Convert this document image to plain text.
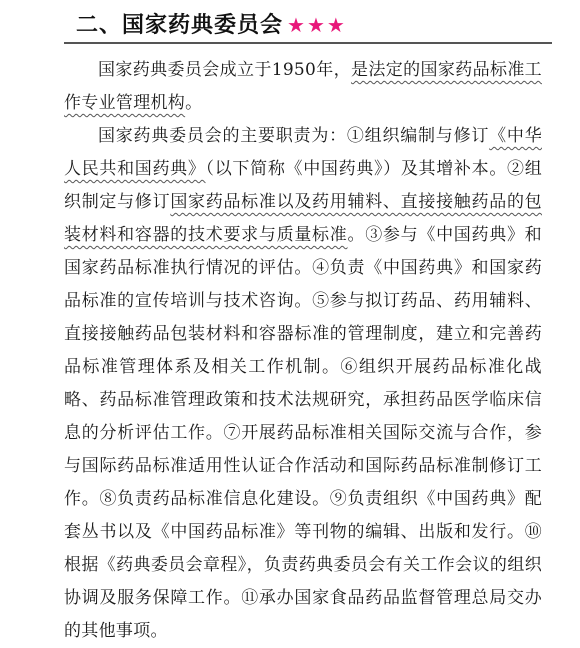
二、国家药典委员会 ★★★

国家药典委员会成立于1950年，是法定的国家药品标准工作专业管理机构。

国家药典委员会的主要职责为：①组织编制与修订《中华人民共和国药典》（以下简称《中国药典》）及其增补本。②组织制定与修订国家药品标准以及药用辅料、直接接触药品的包装材料和容器的技术要求与质量标准。③参与《中国药典》和国家药品标准执行情况的评估。④负责《中国药典》和国家药品标准的宣传培训与技术咨询。⑤参与拟订药品、药用辅料、直接接触药品包装材料和容器标准的管理制度，建立和完善药品标准管理体系及相关工作机制。⑥组织开展药品标准化战略、药品标准管理政策和技术法规研究，承担药品医学临床信息的分析评估工作。⑦开展药品标准相关国际交流与合作，参与国际药品标准适用性认证合作活动和国际药品标准制修订工作。⑧负责药品标准信息化建设。⑨负责组织《中国药典》配套丛书以及《中国药品标准》等刊物的编辑、出版和发行。⑩根据《药典委员会章程》，负责药典委员会有关工作会议的组织协调及服务保障工作。⑪承办国家食品药品监督管理总局交办的其他事项。
